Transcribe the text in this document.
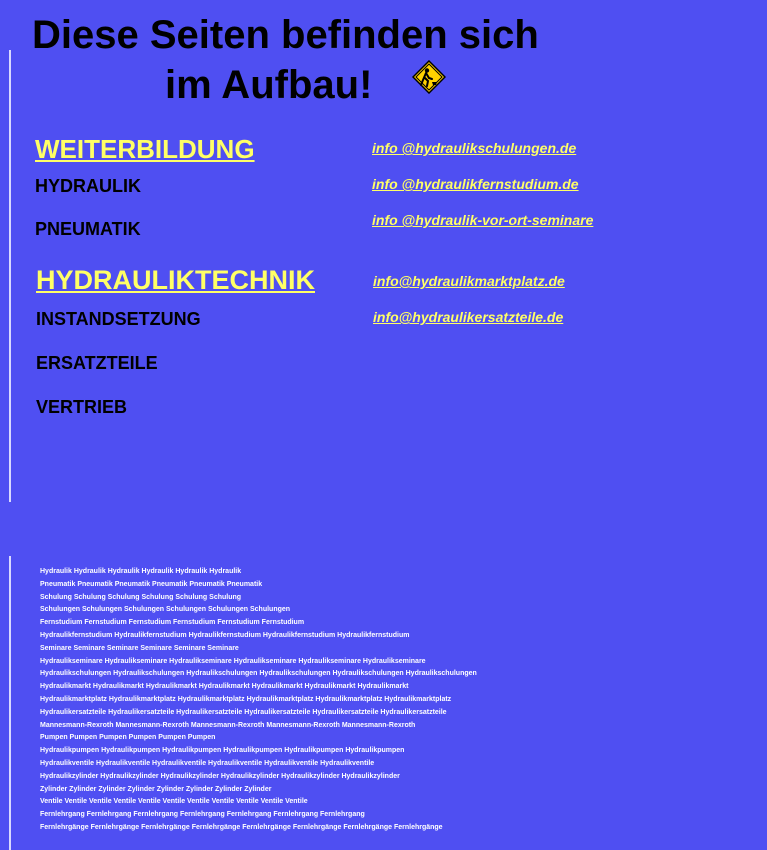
Diese Seiten befinden sich
im Aufbau!
WEITERBILDUNG
HYDRAULIK
PNEUMATIK
HYDRAULIKTECHNIK
INSTANDSETZUNG
ERSATZTEILE
VERTRIEB
info @hydraulikschulungen.de
info @hydraulikfernstudium.de
info @hydraulik-vor-ort-seminare
info@hydraulikmarktplatz.de
info@hydraulikersatzteile.de
Hydraulik Hydraulik Hydraulik Hydraulik Hydraulik Hydraulik
Pneumatik Pneumatik Pneumatik Pneumatik Pneumatik Pneumatik
Schulung Schulung Schulung Schulung Schulung Schulung
Schulungen Schulungen Schulungen Schulungen Schulungen Schulungen
Fernstudium Fernstudium Fernstudium Fernstudium Fernstudium Fernstudium
Hydraulikfernstudium Hydraulikfernstudium Hydraulikfernstudium Hydraulikfernstudium Hydraulikfernstudium
Seminare Seminare Seminare Seminare Seminare Seminare
Hydraulikseminare Hydraulikseminare Hydraulikseminare Hydraulikseminare Hydraulikseminare Hydraulikseminare
Hydraulikschulungen Hydraulikschulungen Hydraulikschulungen Hydraulikschulungen Hydraulikschulungen Hydraulikschulungen
Hydraulikmarkt Hydraulikmarkt Hydraulikmarkt Hydraulikmarkt Hydraulikmarkt Hydraulikmarkt Hydraulikmarkt
Hydraulikmarktplatz Hydraulikmarktplatz Hydraulikmarktplatz Hydraulikmarktplatz Hydraulikmarktplatz Hydraulikmarktplatz
Hydraulikersatzteile Hydraulikersatzteile Hydraulikersatzteile Hydraulikersatzteile Hydraulikersatzteile Hydraulikersatzteile
Mannesmann-Rexroth Mannesmann-Rexroth Mannesmann-Rexroth Mannesmann-Rexroth Mannesmann-Rexroth
Pumpen Pumpen Pumpen Pumpen Pumpen Pumpen
Hydraulikpumpen Hydraulikpumpen Hydraulikpumpen Hydraulikpumpen Hydraulikpumpen Hydraulikpumpen
Hydraulikventile Hydraulikventile Hydraulikventile Hydraulikventile Hydraulikventile Hydraulikventile
Hydraulikzylinder Hydraulikzylinder Hydraulikzylinder Hydraulikzylinder Hydraulikzylinder Hydraulikzylinder
Zylinder Zylinder Zylinder Zylinder Zylinder Zylinder Zylinder Zylinder
Ventile Ventile Ventile Ventile Ventile Ventile Ventile Ventile Ventile Ventile Ventile
Fernlehrgang Fernlehrgang Fernlehrgang Fernlehrgang Fernlehrgang Fernlehrgang Fernlehrgang
Fernlehrgänge Fernlehrgänge Fernlehrgänge Fernlehrgänge Fernlehrgänge Fernlehrgänge Fernlehrgänge Fernlehrgänge
